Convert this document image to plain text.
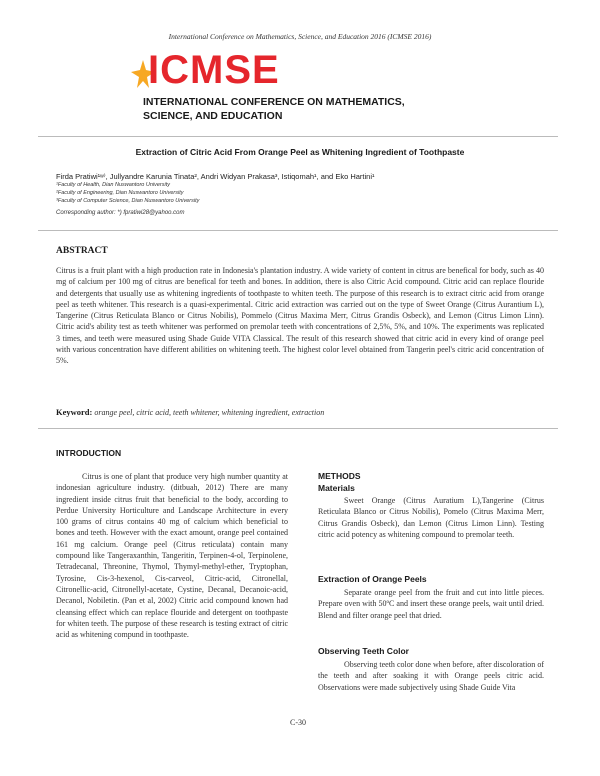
International Conference on Mathematics, Science, and Education 2016 (ICMSE 2016)
ICMSE
INTERNATIONAL CONFERENCE ON MATHEMATICS,
SCIENCE, AND EDUCATION
Extraction of Citric Acid From Orange Peel as Whitening Ingredient of Toothpaste
Firda Pratiwi¹ʷ⁾, Jullyandre Karunia Tinata², Andri Widyan Prakasa³, Istiqomah¹, and Eko Hartini¹
¹Faculty of Health, Dian Nuswantoro University
²Faculty of Engineering, Dian Nuswantoro University
³Faculty of Computer Science, Dian Nuswantoro University
Corresponding author: *) fpratiwi28@yahoo.com
ABSTRACT
Citrus is a fruit plant with a high production rate in Indonesia's plantation industry. A wide variety of content in citrus are benefical for body, such as 40 mg of calcium per 100 mg of citrus are benefical for teeth and bones. In addition, there is also Citric Acid compound. Citric acid can replace flouride and detergents that usually use as whitening ingredients of toothpaste to whiten teeth. The purpose of this research is to extract citric acid from orange peel as teeth whitener. This research is a quasi-experimental. Citric acid extraction was carried out on the type of Sweet Orange (Citrus Aurantium L), Tangerine (Citrus Reticulata Blanco or Citrus Nobilis), Pommelo (Citrus Maxima Merr, Citrus Grandis Osbeck), and Lemon (Citrus Limon Linn). Citric acid's ability test as teeth whitener was performed on premolar teeth with concentrations of 2,5%, 5%, and 10%. The experiments was replicated 3 times, and teeth were measured using Shade Guide VITA Classical. The result of this research showed that citric acid in every kind of orange peel with various concentration have different abilities on whitening teeth. The highest color level obtained from Tangerin peel's citric acid concentration of 5%.
Keyword: orange peel, citric acid, teeth whitener, whitening ingredient, extraction
INTRODUCTION

Citrus is one of plant that produce very high number quantity at indonesian agriculture industry. (ditbuah, 2012) There are many ingredient inside citrus fruit that beneficial to the body, according to Perdue University Horticulture and Landscape Architecture in every 100 grams of citrus contains 40 mg of calcium which beneficial to bones and teeth. However with the exact amount, orange peel contained 161 mg calcium. Orange peel (Citrus reticulata) contain many compound like Tangeraxanthin, Tangeritin, Terpinen-4-ol, Terpinolene, Tetradecanal, Threonine, Thymol, Thymyl-methyl-ether, Tryptophan, Tyrosine, Cis-3-hexenol, Cis-carveol, Citric-acid, Citronellal, Citronellic-acid, Citronellyl-acetate, Cystine, Decanal, Decanoic-acid, Decanol, Nobiletin. (Pan et al, 2002) Citric acid compound known had cleansing effect which can replace flouride and detergent on toothpaste for whiten teeth. The purpose of these research is testing extract of citric acid as whitening compund in toothpaste.

METHODS
Materials

Sweet Orange (Citrus Auratium L),Tangerine (Citrus Reticulata Blanco or Citrus Nobilis), Pomelo (Citrus Maxima Merr, Citrus Grandis Osbeck), dan Lemon (Citrus Limon Linn). Testing citric acid potency as whitening compound to premolar teeth.

Extraction of Orange Peels

Separate orange peel from the fruit and cut into little pieces. Prepare oven with 50ºC and insert these orange peels, wait until dried. Blend and filter orange peel that dried.

Observing Teeth Color

Observing teeth color done when before, after discoloration of the teeth and after soaking it with Orange peels citric acid. Observations were made subjectively using Shade Guide Vita

C-30
